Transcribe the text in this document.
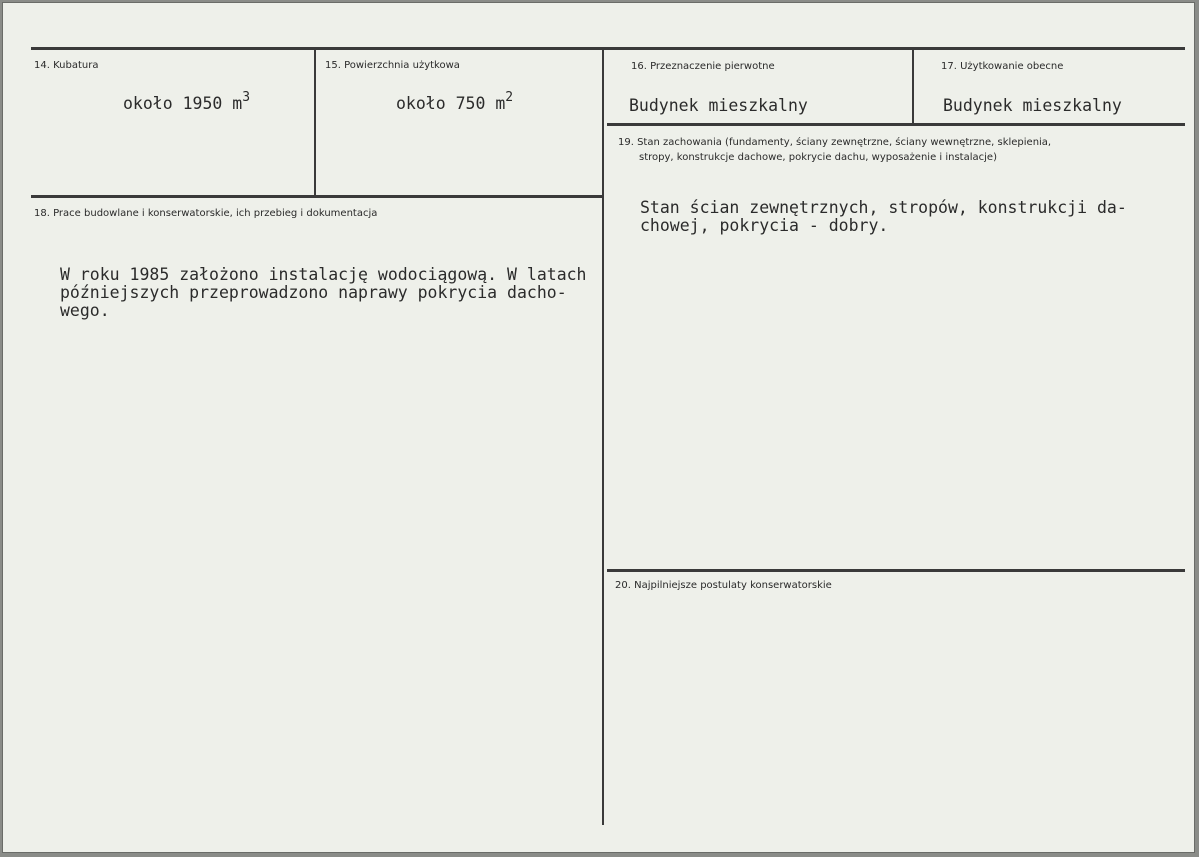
14. Kubatura
około 1950 $m^3$
15. Powierzchnia użytkowa
około 750 $m^2$
16. Przeznaczenie pierwotne
Budynek mieszkalny
17. Użytkowanie obecne
Budynek mieszkalny
18. Prace budowlane i konserwatorskie, ich przebieg i dokumentacja
W roku 1985 założono instalację wodociągową. W latach
późniejszych przeprowadzono naprawy pokrycia dacho-
wego.
19. Stan zachowania (fundamenty, ściany zewnętrzne, ściany wewnętrzne, sklepienia,
stropy, konstrukcje dachowe, pokrycie dachu, wyposażenie i instalacje)
Stan ścian zewnętrznych, stropów, konstrukcji da-
chowej, pokrycia - dobry.
20. Najpilniejsze postulaty konserwatorskie
